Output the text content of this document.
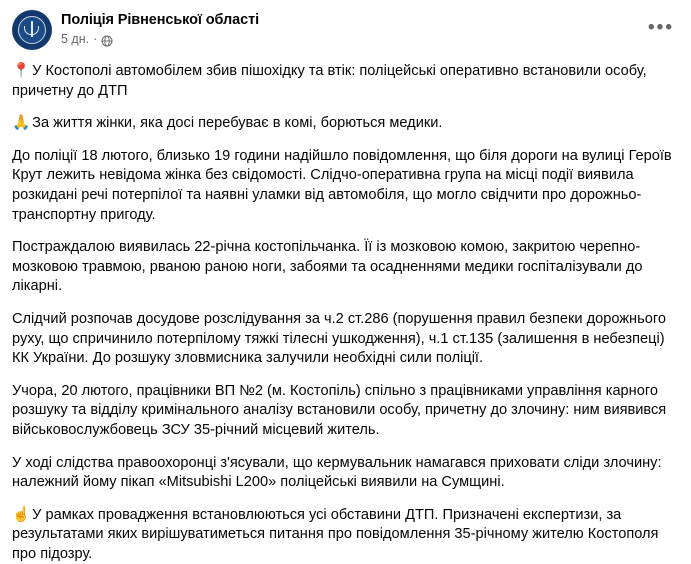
Поліція Рівненської області
5 дн. ·
•••

📍 У Костополі автомобілем збив пішохідку та втік: поліцейські оперативно встановили особу, причетну до ДТП

🙏 За життя жінки, яка досі перебуває в комі, борються медики.

До поліції 18 лютого, близько 19 години надійшло повідомлення, що біля дороги на вулиці Героїв Крут лежить невідома жінка без свідомості. Слідчо-оперативна група на місці події виявила розкидані речі потерпілої та наявні уламки від автомобіля, що могло свідчити про дорожньо-транспортну пригоду.

Постраждалою виявилась 22-річна костопільчанка. Її із мозковою комою, закритою черепно-мозковою травмою, рваною раною ноги, забоями та осадненнями медики госпіталізували до лікарні.

Слідчий розпочав досудове розслідування за ч.2 ст.286 (порушення правил безпеки дорожнього руху, що спричинило потерпілому тяжкі тілесні ушкодження), ч.1 ст.135 (залишення в небезпеці) КК України. До розшуку зловмисника залучили необхідні сили поліції.

Учора, 20 лютого, працівники ВП №2 (м. Костопіль) спільно з працівниками управління карного розшуку та відділу кримінального аналізу встановили особу, причетну до злочину: ним виявився військовослужбовець ЗСУ 35-річний місцевий житель.

У ході слідства правоохоронці з'ясували, що кермувальник намагався приховати сліди злочину: належний йому пікап «Mitsubishi L200» поліцейські виявили на Сумщині.

☝️ У рамках провадження встановлюються усі обставини ДТП. Призначені експертизи, за результатами яких вирішуватиметься питання про повідомлення 35-річному жителю Костополя про підозру.
